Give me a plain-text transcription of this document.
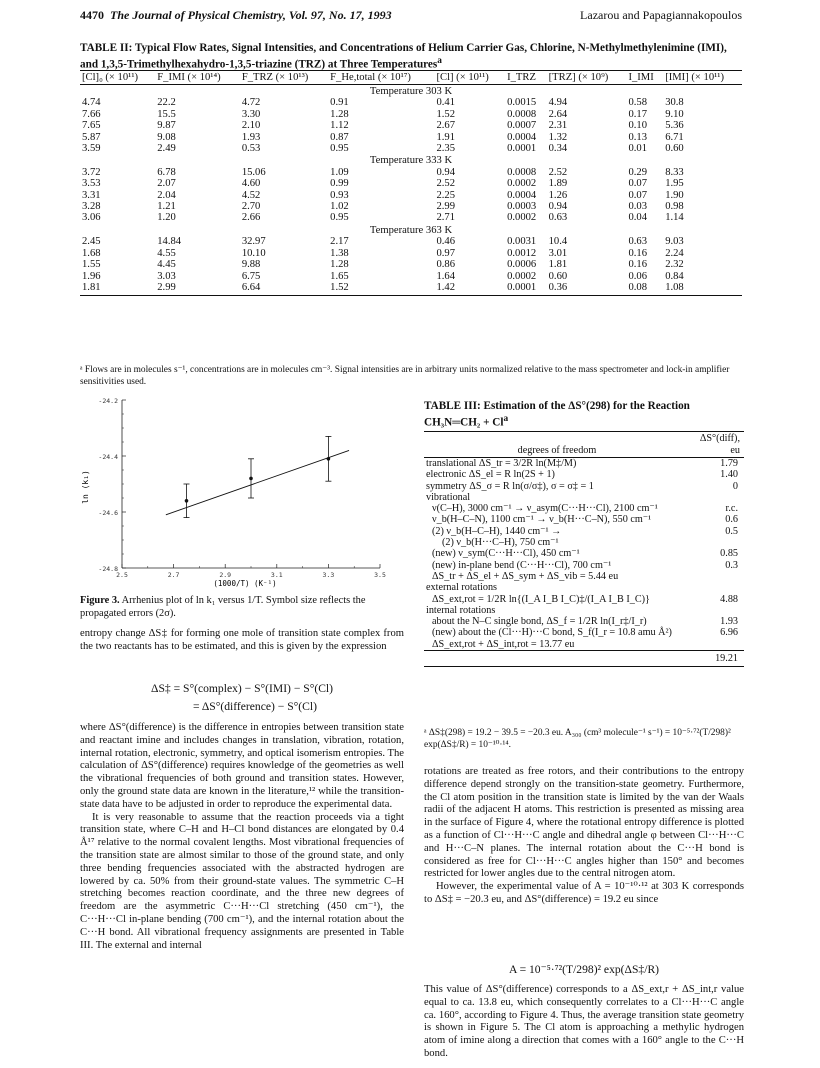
4470 The Journal of Physical Chemistry, Vol. 97, No. 17, 1993	Lazarou and Papagiannakopoulos
TABLE II: Typical Flow Rates, Signal Intensities, and Concentrations of Helium Carrier Gas, Chlorine, N-Methylmethylenimine (IMI), and 1,3,5-Trimethylhexahydro-1,3,5-triazine (TRZ) at Three Temperatures$^a$
[Cl]₀ (× 10¹¹)	F_IMI (× 10¹⁴)	F_TRZ (× 10¹³)	F_He,total (× 10¹⁷)	[Cl] (× 10¹¹)	I_TRZ	[TRZ] (× 10⁹)	I_IMI	[IMI] (× 10¹¹)
Temperature 303 K								
4.74	22.2	4.72	0.91	0.41	0.0015	4.94	0.58	30.8
7.66	15.5	3.30	1.28	1.52	0.0008	2.64	0.17	9.10
7.65	9.87	2.10	1.12	2.67	0.0007	2.31	0.10	5.36
5.87	9.08	1.93	0.87	1.91	0.0004	1.32	0.13	6.71
3.59	2.49	0.53	0.95	2.35	0.0001	0.34	0.01	0.60
Temperature 333 K								
3.72	6.78	15.06	1.09	0.94	0.0008	2.52	0.29	8.33
3.53	2.07	4.60	0.99	2.52	0.0002	1.89	0.07	1.95
3.31	2.04	4.52	0.93	2.25	0.0004	1.26	0.07	1.90
3.28	1.21	2.70	1.02	2.99	0.0003	0.94	0.03	0.98
3.06	1.20	2.66	0.95	2.71	0.0002	0.63	0.04	1.14
Temperature 363 K								
2.45	14.84	32.97	2.17	0.46	0.0031	10.4	0.63	9.03
1.68	4.55	10.10	1.38	0.97	0.0012	3.01	0.16	2.24
1.55	4.45	9.88	1.28	0.86	0.0006	1.81	0.16	2.32
1.96	3.03	6.75	1.65	1.64	0.0002	0.60	0.06	0.84
1.81	2.99	6.64	1.52	1.42	0.0001	0.36	0.08	1.08
ᵃ Flows are in molecules s⁻¹, concentrations are in molecules cm⁻³. Signal intensities are in arbitrary units normalized relative to the mass spectrometer and lock-in amplifier sensitivities used.
ln (k₁)
(1000/T) (K⁻¹)
-24.2
-24.4
-24.6
-24.8
2.5	2.7	2.9	3.1	3.3	3.5
Figure 3. Arrhenius plot of ln k₁ versus 1/T. Symbol size reflects the propagated errors (2σ).

entropy change ΔS‡ for forming one mole of transition state complex from the two reactants has to be estimated, and this is given by the expression

ΔS‡ = S°(complex) − S°(IMI) − S°(Cl)
= ΔS°(difference) − S°(Cl)

where ΔS°(difference) is the difference in entropies between transition state and reactant imine and includes changes in translation, vibration, rotation, internal rotation, electronic, symmetry, and optical isomerism entropies. The calculation of ΔS°(difference) requires knowledge of the geometries as well the vibrational frequencies of both ground and transition states. However, only the ground state data are known in the literature,¹² while the transition-state data have to be adjusted in order to reproduce the experimental data.

It is very reasonable to assume that the reaction proceeds via a tight transition state, where C–H and H–Cl bond distances are elongated by 0.4 Å¹⁷ relative to the normal covalent lengths. Most vibrational frequencies of the transition state are almost similar to those of the ground state, and only three bending frequencies associated with the abstracted hydrogen are lowered by ca. 50% from their ground-state values. The symmetric C–H stretching becomes reaction coordinate, and the three new degrees of freedom are the asymmetric C···H···Cl stretching (450 cm⁻¹), the C···H···Cl in-plane bending (700 cm⁻¹), and the internal rotation about the C···H bond. All vibrational frequency assignments are presented in Table III. The external and internal

TABLE III: Estimation of the ΔS°(298) for the Reaction CH₃N═CH₂ + $Cl^a$
degrees of freedom	ΔS°(diff),
eu
translational ΔS_tr = 3/2R ln(M‡/M)	1.79
electronic ΔS_el = R ln(2S + 1)	1.40
symmetry ΔS_σ = R ln(σ/σ‡), σ = σ‡ = 1	0
vibrational	
ν(C–H), 3000 cm⁻¹ → ν_asym(C···H···Cl), 2100 cm⁻¹	r.c.
ν_b(H–C–N), 1100 cm⁻¹ → ν_b(H···C–N), 550 cm⁻¹	0.6
(2) ν_b(H–C–H), 1440 cm⁻¹ →	0.5
(2) ν_b(H···C–H), 750 cm⁻¹	
(new) ν_sym(C···H···Cl), 450 cm⁻¹	0.85
(new) in-plane bend (C···H···Cl), 700 cm⁻¹	0.3
ΔS_tr + ΔS_el + ΔS_sym + ΔS_vib = 5.44 eu	
external rotations	
ΔS_ext,rot = 1/2R ln{(I_A I_B I_C)‡/(I_A I_B I_C)}	4.88
internal rotations	
about the N–C single bond, ΔS_f = 1/2R ln(I_r‡/I_r)	1.93
(new) about the (Cl···H)···C bond, S_f(I_r = 10.8 amu Å²)	6.96
ΔS_ext,rot + ΔS_int,rot = 13.77 eu	
	19.21
ᵃ ΔS‡(298) = 19.2 − 39.5 = −20.3 eu. A₃₀₀ (cm³ molecule⁻¹ s⁻¹) = 10⁻⁵·⁷²(T/298)² exp(ΔS‡/R) = 10⁻¹⁰·¹⁴.

rotations are treated as free rotors, and their contributions to the entropy difference depend strongly on the transition-state geometry. Furthermore, the Cl atom position in the transition state is limited by the van der Waals radii of the adjacent H atoms. This restriction is presented as missing area in the surface of Figure 4, where the rotational entropy difference is plotted as a function of Cl···H···C angle and dihedral angle φ between Cl···H···C and H···C–N planes. The internal rotation about the C···H bond is considered as free for Cl···H···C angles higher than 150° and becomes restricted for lower angles due to the central nitrogen atom.

However, the experimental value of A = 10⁻¹⁰·¹² at 303 K corresponds to ΔS‡ = −20.3 eu, and ΔS°(difference) = 19.2 eu since

A = 10⁻⁵·⁷²(T/298)² exp(ΔS‡/R)

This value of ΔS°(difference) corresponds to a ΔS_ext,r + ΔS_int,r value equal to ca. 13.8 eu, which consequently correlates to a Cl···H···C angle ca. 160°, according to Figure 4. Thus, the average transition state geometry is shown in Figure 5. The Cl atom is approaching a methylic hydrogen atom of imine along a direction that comes with a 160° angle to the C···H bond.
